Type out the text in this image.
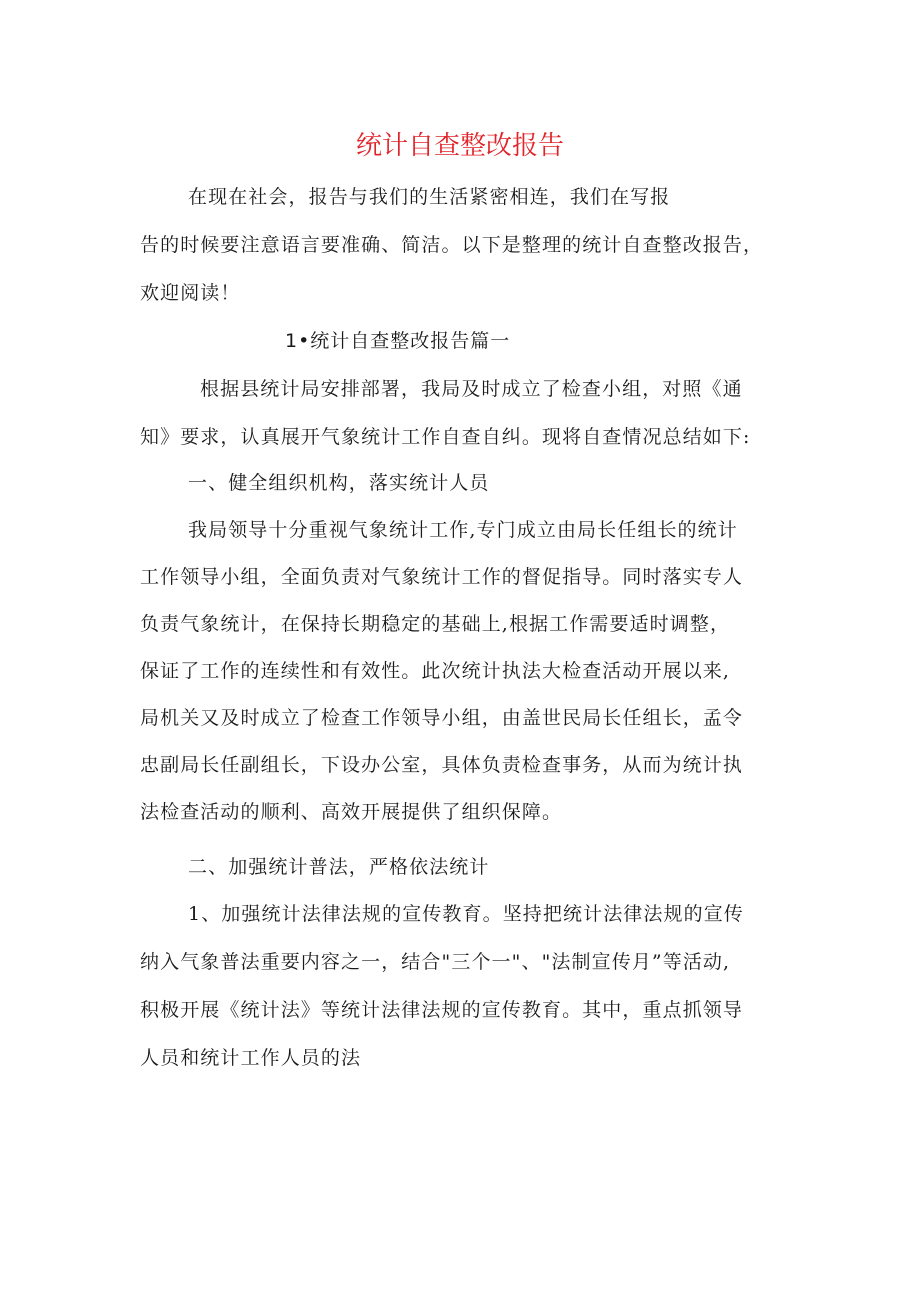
统计自查整改报告
在现在社会，报告与我们的生活紧密相连，我们在写报
告的时候要注意语言要准确、简洁。以下是整理的统计自查整改报告，
欢迎阅读！
1•统计自查整改报告篇一
根据县统计局安排部署，我局及时成立了检查小组，对照《通
知》要求，认真展开气象统计工作自查自纠。现将自查情况总结如下:
一、健全组织机构，落实统计人员
我局领导十分重视气象统计工作,专门成立由局长任组长的统计
工作领导小组，全面负责对气象统计工作的督促指导。同时落实专人
负责气象统计，在保持长期稳定的基础上,根据工作需要适时调整，
保证了工作的连续性和有效性。此次统计执法大检查活动开展以来,
局机关又及时成立了检查工作领导小组，由盖世民局长任组长，孟令
忠副局长任副组长，下设办公室，具体负责检查事务，从而为统计执
法检查活动的顺利、高效开展提供了组织保障。
二、加强统计普法，严格依法统计
1、加强统计法律法规的宣传教育。坚持把统计法律法规的宣传
纳入气象普法重要内容之一，结合"三个一"、"法制宣传月”等活动,
积极开展《统计法》等统计法律法规的宣传教育。其中，重点抓领导
人员和统计工作人员的法
